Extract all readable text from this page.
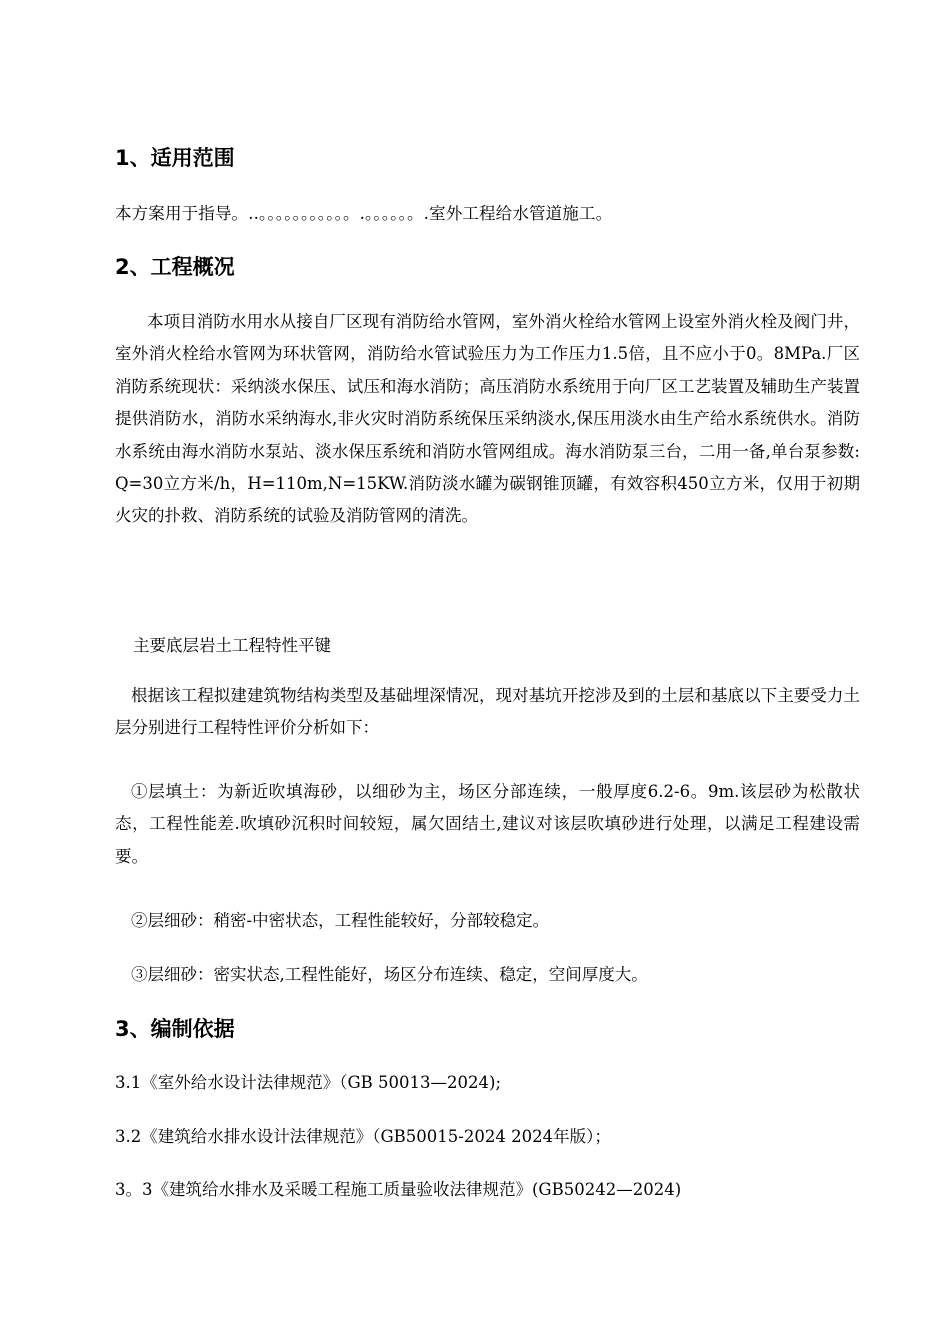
1、适用范围

本方案用于指导。..。。。。。。。。。。。.。。。。。。.室外工程给水管道施工。

2、工程概况

本项目消防水用水从接自厂区现有消防给水管网，室外消火栓给水管网上设室外消火栓及阀门井，室外消火栓给水管网为环状管网，消防给水管试验压力为工作压力1.5倍，且不应小于0。8MPa.厂区消防系统现状：采纳淡水保压、试压和海水消防；高压消防水系统用于向厂区工艺装置及辅助生产装置提供消防水，消防水采纳海水,非火灾时消防系统保压采纳淡水,保压用淡水由生产给水系统供水。消防水系统由海水消防水泵站、淡水保压系统和消防水管网组成。海水消防泵三台，二用一备,单台泵参数:Q=30立方米/h，H=110m,N=15KW.消防淡水罐为碳钢锥顶罐，有效容积450立方米，仅用于初期火灾的扑救、消防系统的试验及消防管网的清洗。

主要底层岩土工程特性平键

根据该工程拟建建筑物结构类型及基础埋深情况，现对基坑开挖涉及到的土层和基底以下主要受力土层分别进行工程特性评价分析如下：

①层填土：为新近吹填海砂，以细砂为主，场区分部连续，一般厚度6.2-6。9m.该层砂为松散状态，工程性能差.吹填砂沉积时间较短，属欠固结土,建议对该层吹填砂进行处理，以满足工程建设需要。

②层细砂：稍密-中密状态，工程性能较好，分部较稳定。

③层细砂：密实状态,工程性能好，场区分布连续、稳定，空间厚度大。

3、编制依据

3.1《室外给水设计法律规范》（GB 50013—2024);

3.2《建筑给水排水设计法律规范》（GB50015-2024 2024年版）；

3。3《建筑给水排水及采暖工程施工质量验收法律规范》(GB50242—2024)
